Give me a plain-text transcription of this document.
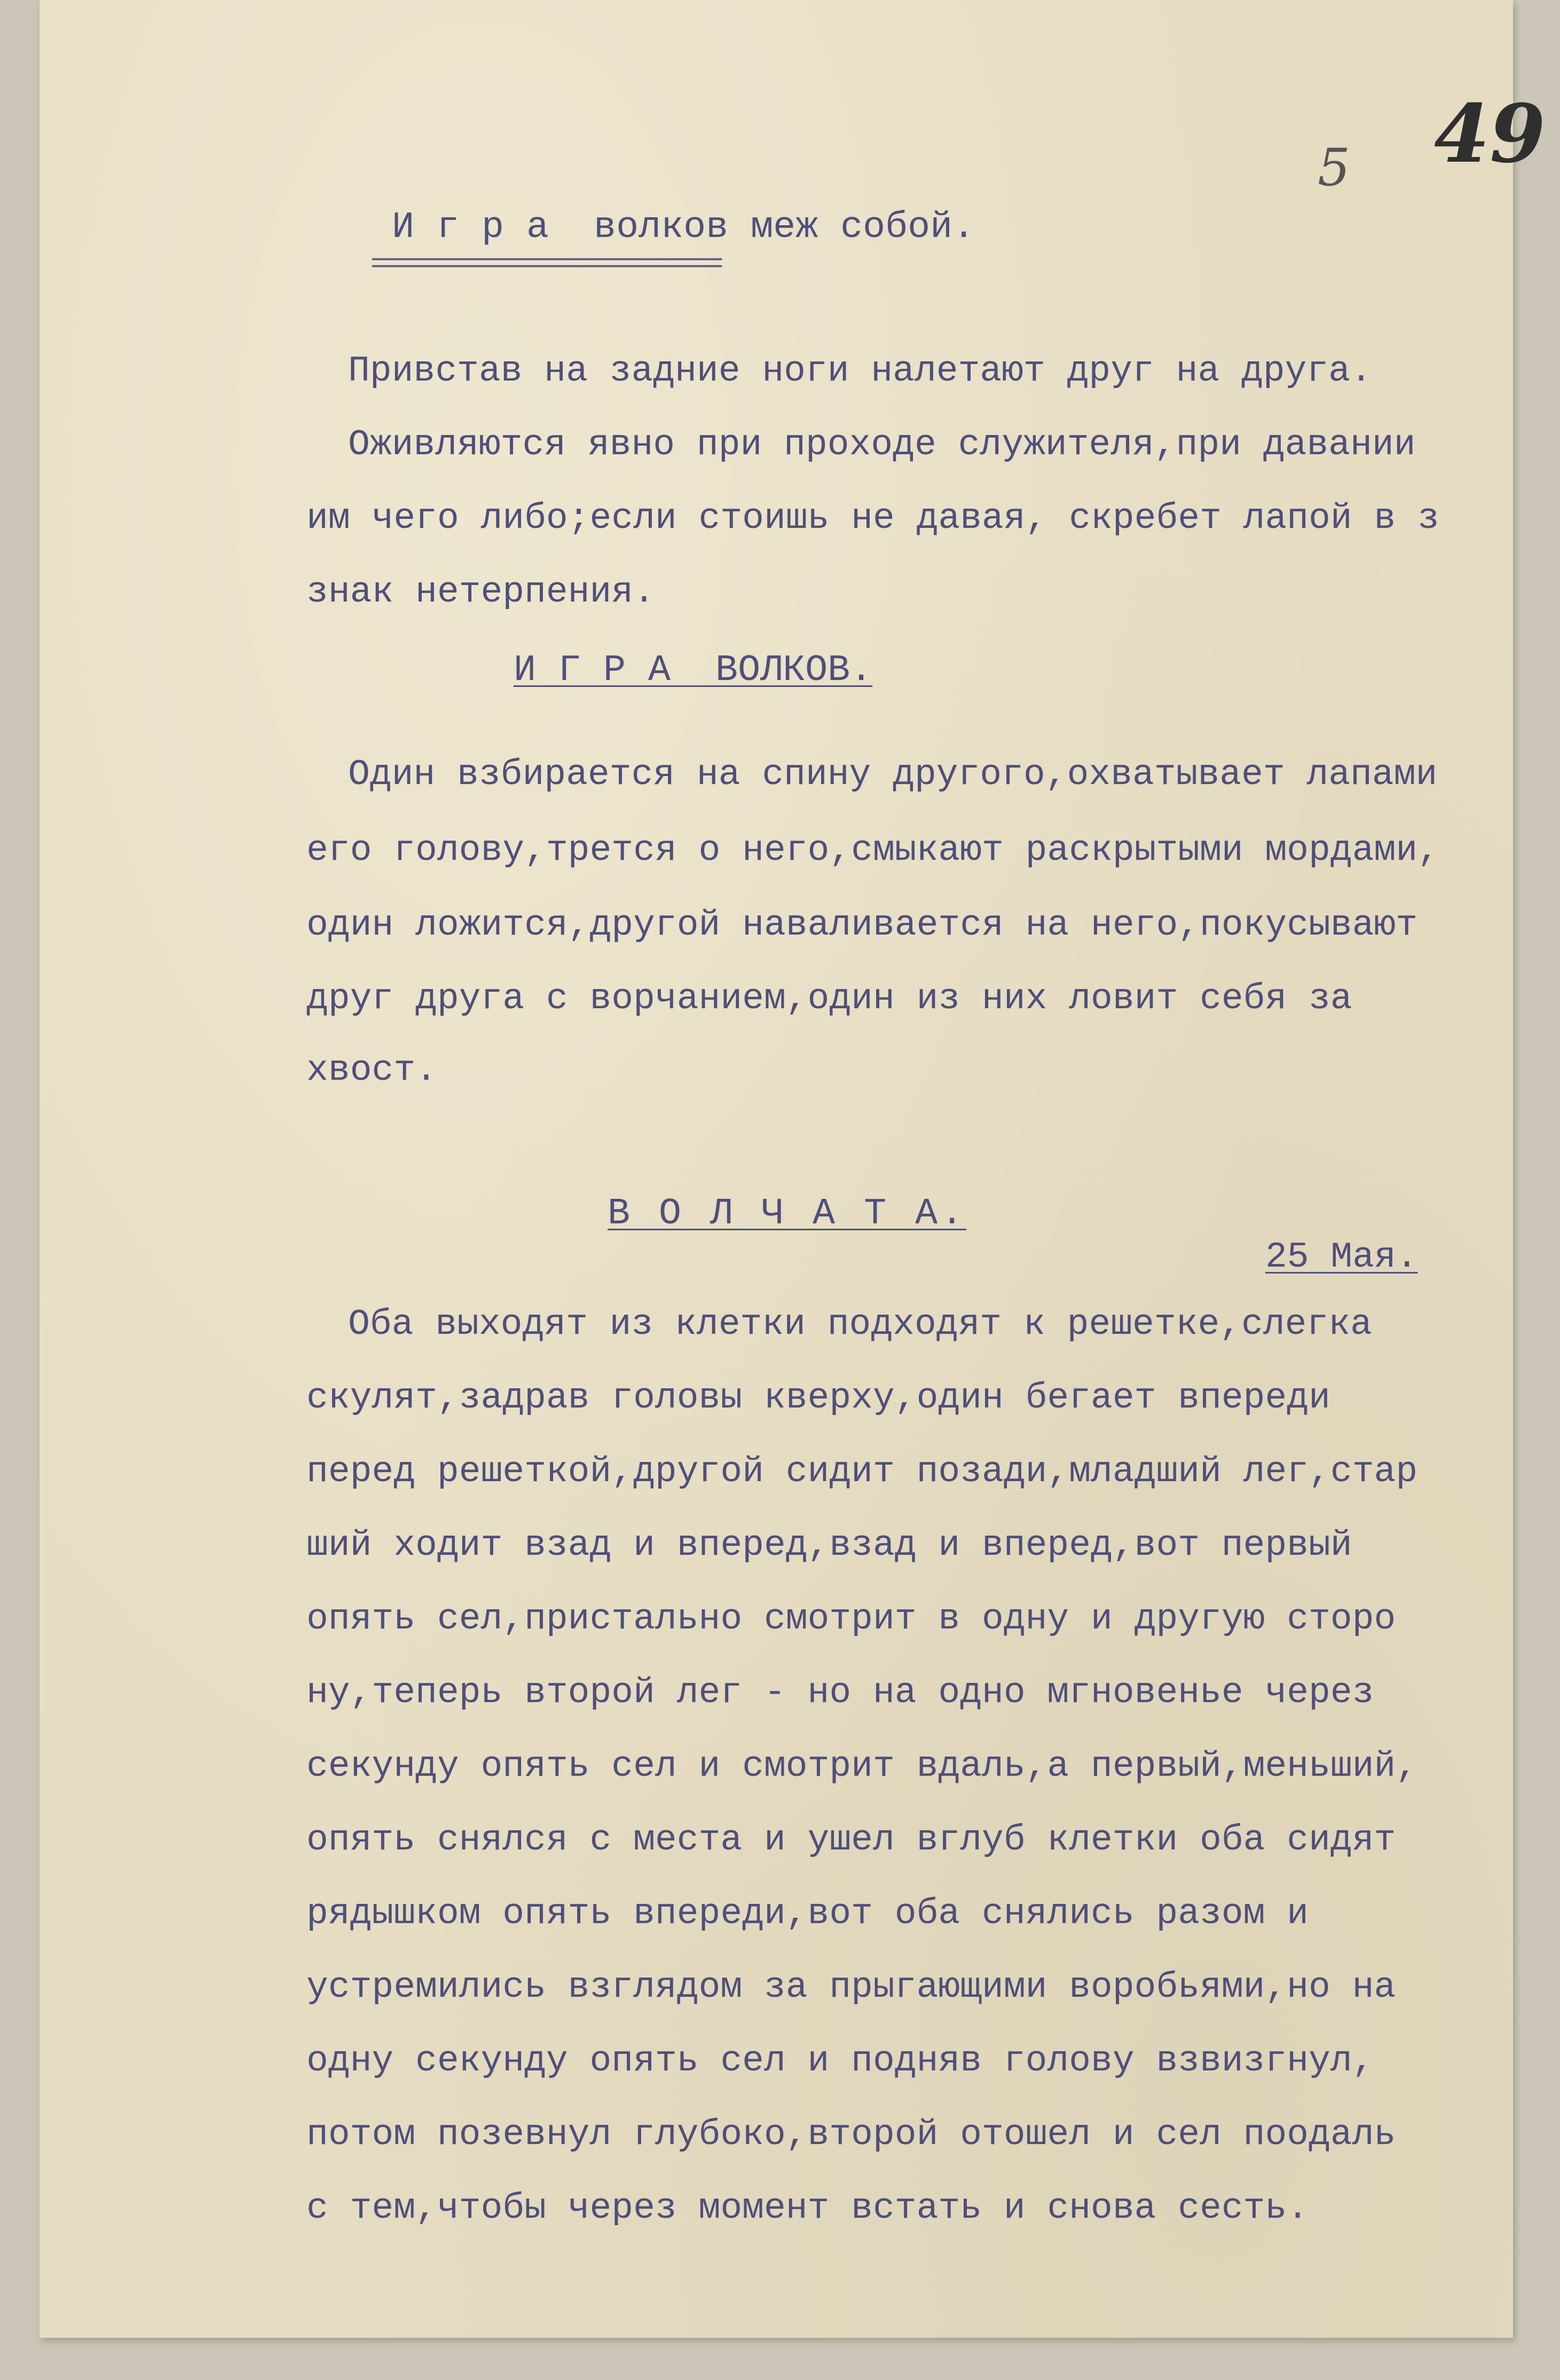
5 49
И г р а  волков меж собой.
==========================
Привстав на задние ноги налетают друг на друга.
Оживляются явно при проходе служителя,при давании
им чего либо;если стоишь не давая, скребет лапой в з
знак нетерпения.
И Г Р А  ВОЛКОВ.
Один взбирается на спину другого,охватывает лапами
его голову,трется о него,смыкают раскрытыми мордами,
один ложится,другой наваливается на него,покусывают
друг друга с ворчанием,один из них ловит себя за
хвост.
В О Л Ч А Т А.
25 Мая.
Оба выходят из клетки подходят к решетке,слегка
скулят,задрав головы кверху,один бегает впереди
перед решеткой,другой сидит позади,младший лег,стар
ший ходит взад и вперед,взад и вперед,вот первый
опять сел,пристально смотрит в одну и другую сторо
ну,теперь второй лег - но на одно мгновенье через
секунду опять сел и смотрит вдаль,а первый,меньший,
опять снялся с места и ушел вглуб клетки оба сидят
рядышком опять впереди,вот оба снялись разом и
устремились взглядом за прыгающими воробьями,но на
одну секунду опять сел и подняв голову взвизгнул,
потом позевнул глубоко,второй отошел и сел поодаль
с тем,чтобы через момент встать и снова сесть.
